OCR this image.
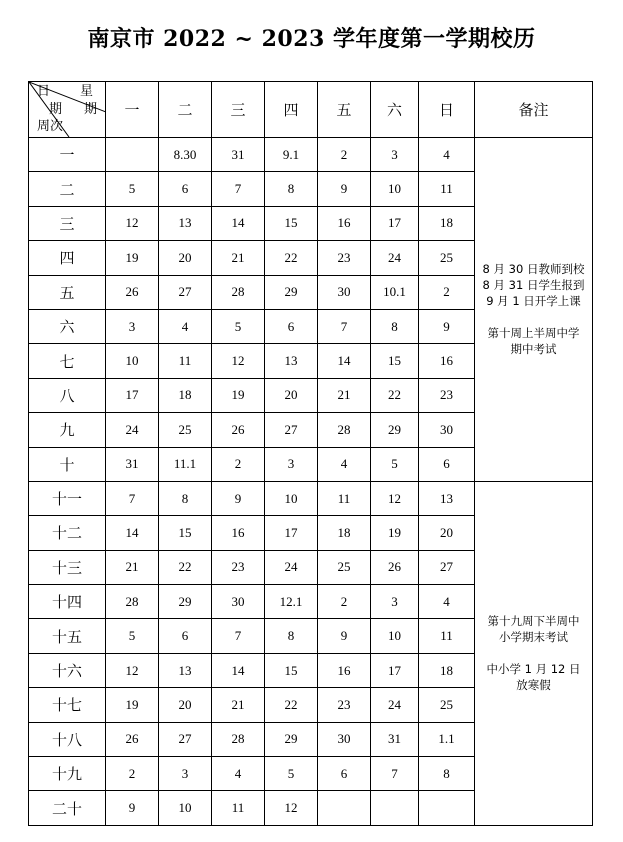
南京市 2022 ~ 2023 学年度第一学期校历
日 星
期 期
周次	一	二	三	四	五	六	日	备注
一		8.30	31	9.1	2	3	4	8 月 30 日教师到校

8 月 31 日学生报到

9 月 1 日开学上课

第十周上半周中学

期中考试

二	5	6	7	8	9	10	11	
三	12	13	14	15	16	17	18	
四	19	20	21	22	23	24	25	
五	26	27	28	29	30	10.1	2	
六	3	4	5	6	7	8	9	
七	10	11	12	13	14	15	16	
八	17	18	19	20	21	22	23	
九	24	25	26	27	28	29	30	
十	31	11.1	2	3	4	5	6	
十一	7	8	9	10	11	12	13	第十九周下半周中

小学期末考试

中小学 1 月 12 日

放寒假

十二	14	15	16	17	18	19	20	
十三	21	22	23	24	25	26	27	
十四	28	29	30	12.1	2	3	4	
十五	5	6	7	8	9	10	11	
十六	12	13	14	15	16	17	18	
十七	19	20	21	22	23	24	25	
十八	26	27	28	29	30	31	1.1	
十九	2	3	4	5	6	7	8	
二十	9	10	11	12				
